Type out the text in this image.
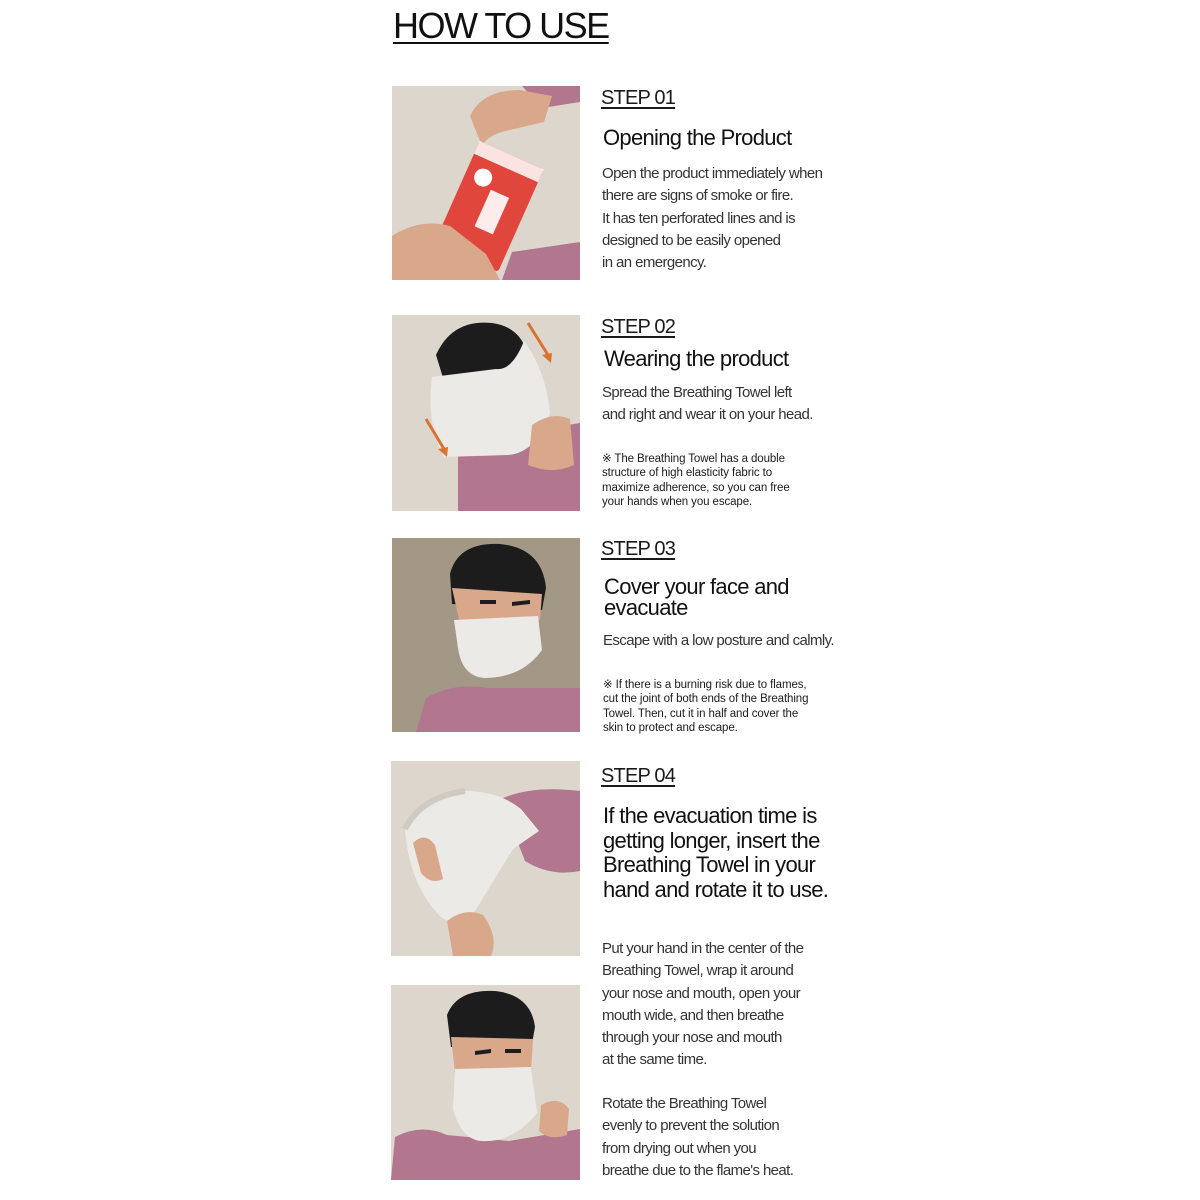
HOW TO USE
STEP 01
Opening the Product

Open the product immediately when
there are signs of smoke or fire.
It has ten perforated lines and is
designed to be easily opened
in an emergency.

STEP 02
Wearing the product

Spread the Breathing Towel left
and right and wear it on your head.

※ The Breathing Towel has a double
structure of high elasticity fabric to
maximize adherence, so you can free
your hands when you escape.

STEP 03
Cover your face and
evacuate

Escape with a low posture and calmly.

※ If there is a burning risk due to flames,
cut the joint of both ends of the Breathing
Towel. Then, cut it in half and cover the
skin to protect and escape.

STEP 04
If the evacuation time is
getting longer, insert the
Breathing Towel in your
hand and rotate it to use.

Put your hand in the center of the
Breathing Towel, wrap it around
your nose and mouth, open your
mouth wide, and then breathe
through your nose and mouth
at the same time.

Rotate the Breathing Towel
evenly to prevent the solution
from drying out when you
breathe due to the flame's heat.
